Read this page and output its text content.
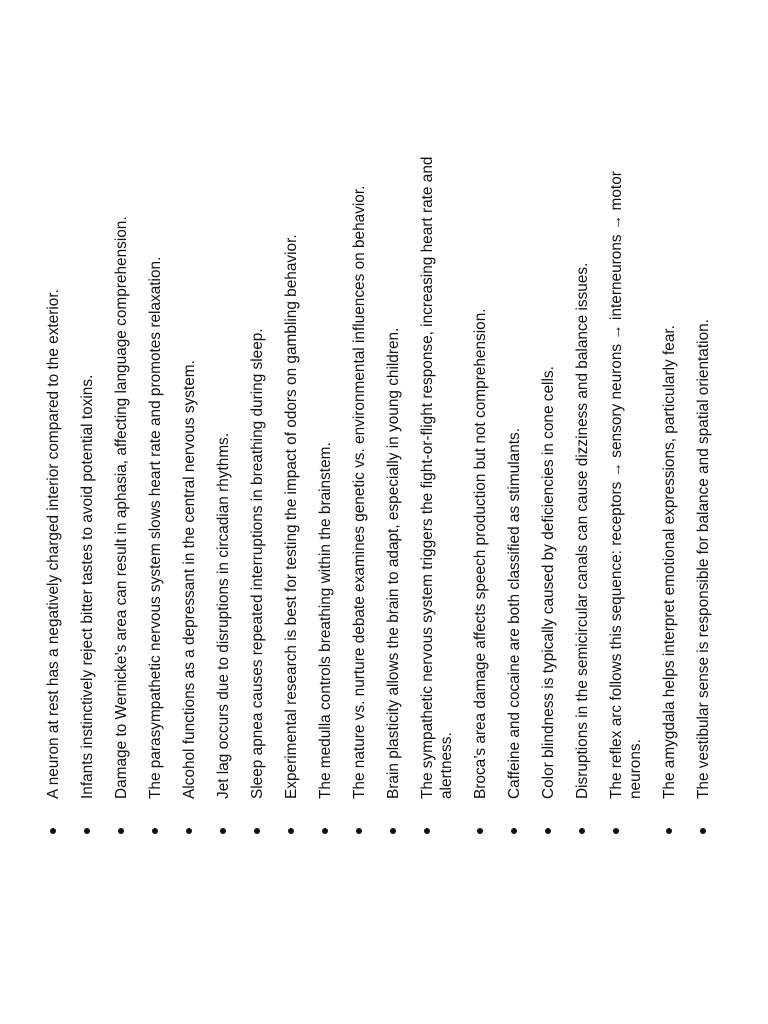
A neuron at rest has a negatively charged interior compared to the exterior. Infants instinctively reject bitter tastes to avoid potential toxins. Damage to Wernicke’s area can result in aphasia, affecting language comprehension. The parasympathetic nervous system slows heart rate and promotes relaxation. Alcohol functions as a depressant in the central nervous system. Jet lag occurs due to disruptions in circadian rhythms. Sleep apnea causes repeated interruptions in breathing during sleep. Experimental research is best for testing the impact of odors on gambling behavior. The medulla controls breathing within the brainstem. The nature vs. nurture debate examines genetic vs. environmental influences on behavior. Brain plasticity allows the brain to adapt, especially in young children. The sympathetic nervous system triggers the fight-or-flight response, increasing heart rate and alertness. Broca’s area damage affects speech production but not comprehension. Caffeine and cocaine are both classified as stimulants. Color blindness is typically caused by deficiencies in cone cells. Disruptions in the semicircular canals can cause dizziness and balance issues. The reflex arc follows this sequence: receptors → sensory neurons → interneurons → motor neurons. The amygdala helps interpret emotional expressions, particularly fear. The vestibular sense is responsible for balance and spatial orientation.
